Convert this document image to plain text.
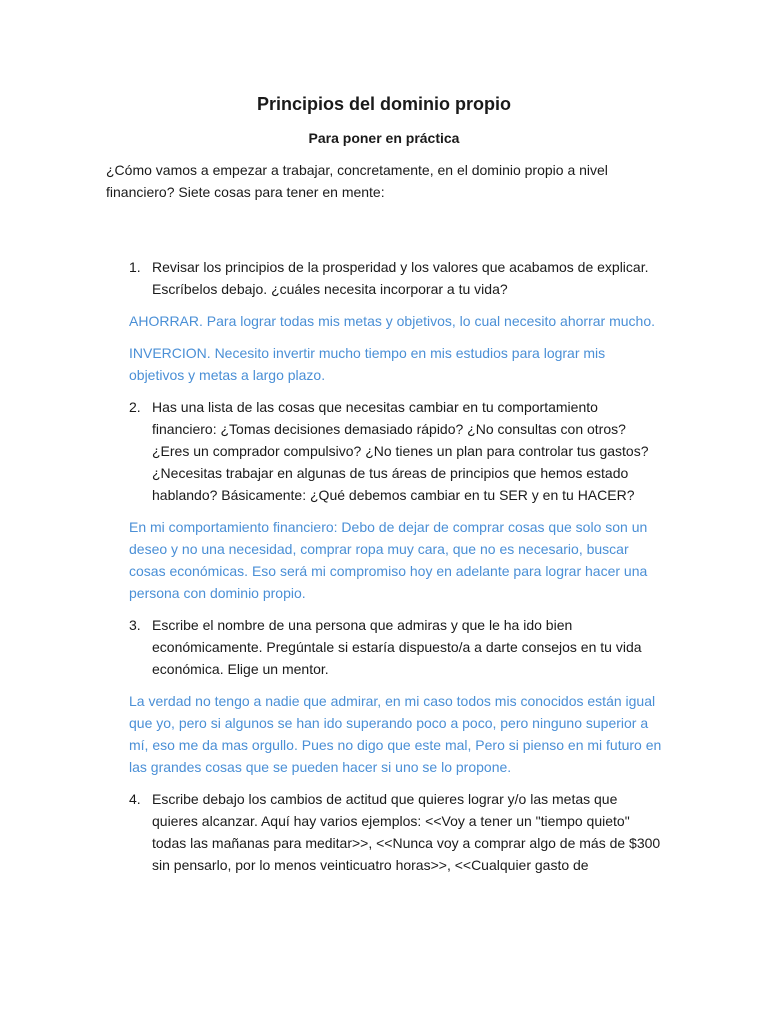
Principios del dominio propio
Para poner en práctica

¿Cómo vamos a empezar a trabajar, concretamente, en el dominio propio a nivel financiero? Siete cosas para tener en mente:

1. Revisar los principios de la prosperidad y los valores que acabamos de explicar. Escríbelos debajo. ¿cuáles necesita incorporar a tu vida?

AHORRAR. Para lograr todas mis metas y objetivos, lo cual necesito ahorrar mucho.

INVERCION. Necesito invertir mucho tiempo en mis estudios para lograr mis objetivos y metas a largo plazo.

2. Has una lista de las cosas que necesitas cambiar en tu comportamiento financiero: ¿Tomas decisiones demasiado rápido? ¿No consultas con otros? ¿Eres un comprador compulsivo? ¿No tienes un plan para controlar tus gastos? ¿Necesitas trabajar en algunas de tus áreas de principios que hemos estado hablando? Básicamente: ¿Qué debemos cambiar en tu SER y en tu HACER?

En mi comportamiento financiero: Debo de dejar de comprar cosas que solo son un deseo y no una necesidad, comprar ropa muy cara, que no es necesario, buscar cosas económicas. Eso será mi compromiso hoy en adelante para lograr hacer una persona con dominio propio.

3. Escribe el nombre de una persona que admiras y que le ha ido bien económicamente. Pregúntale si estaría dispuesto/a a darte consejos en tu vida económica. Elige un mentor.

La verdad no tengo a nadie que admirar, en mi caso todos mis conocidos están igual que yo, pero si algunos se han ido superando poco a poco, pero ninguno superior a mí, eso me da mas orgullo. Pues no digo que este mal, Pero si pienso en mi futuro en las grandes cosas que se pueden hacer si uno se lo propone.

4. Escribe debajo los cambios de actitud que quieres lograr y/o las metas que quieres alcanzar. Aquí hay varios ejemplos: <<Voy a tener un "tiempo quieto" todas las mañanas para meditar>>, <<Nunca voy a comprar algo de más de $300 sin pensarlo, por lo menos veinticuatro horas>>, <<Cualquier gasto de
